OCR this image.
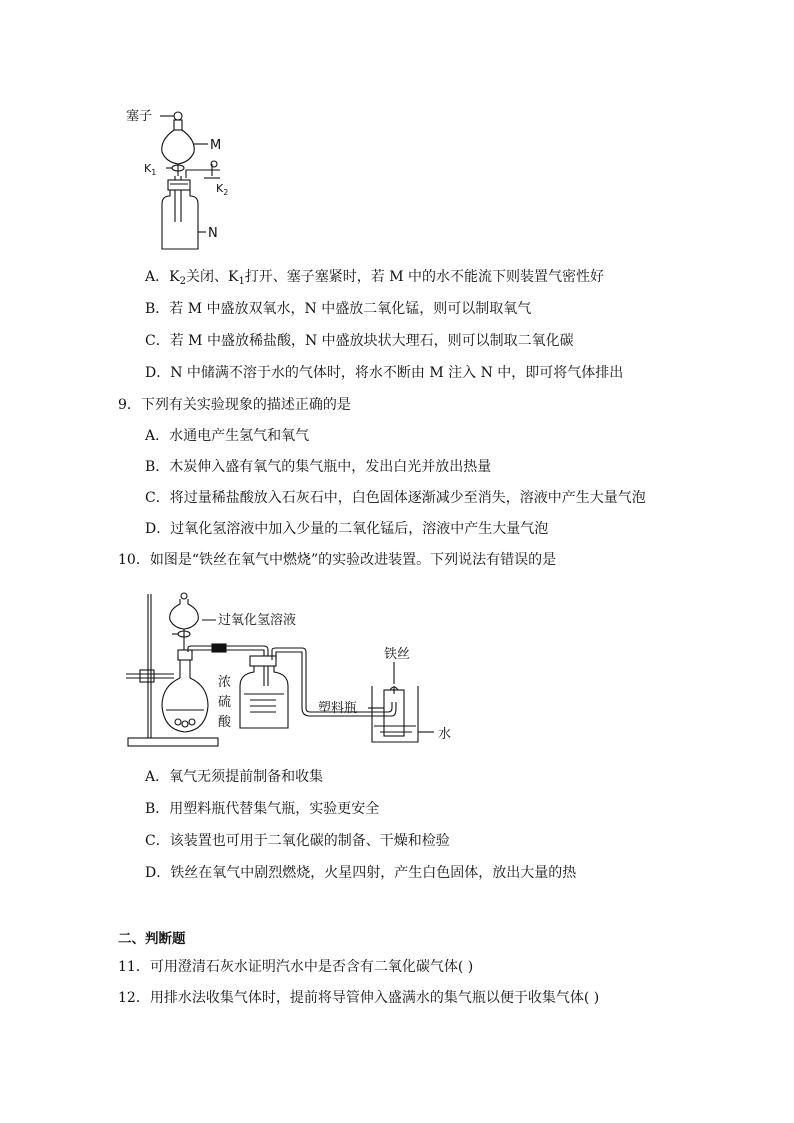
塞子
M
$K_1$
$K_2$
N
A．$K_2$关闭、$K_1$打开、塞子塞紧时，若 M 中的水不能流下则装置气密性好
B．若 M 中盛放双氧水，N 中盛放二氧化锰，则可以制取氧气
C．若 M 中盛放稀盐酸，N 中盛放块状大理石，则可以制取二氧化碳
D．N 中储满不溶于水的气体时，将水不断由 M 注入 N 中，即可将气体排出
9．下列有关实验现象的描述正确的是
A．水通电产生氢气和氧气
B．木炭伸入盛有氧气的集气瓶中，发出白光并放出热量
C．将过量稀盐酸放入石灰石中，白色固体逐渐减少至消失，溶液中产生大量气泡
D．过氧化氢溶液中加入少量的二氧化锰后，溶液中产生大量气泡
10．如图是“铁丝在氧气中燃烧”的实验改进装置。下列说法有错误的是
过氧化氢溶液
铁丝
浓
硫
酸
塑料瓶
水
A．氧气无须提前制备和收集
B．用塑料瓶代替集气瓶，实验更安全
C．该装置也可用于二氧化碳的制备、干燥和检验
D．铁丝在氧气中剧烈燃烧，火星四射，产生白色固体，放出大量的热
二、判断题
11．可用澄清石灰水证明汽水中是否含有二氧化碳气体( )
12．用排水法收集气体时，提前将导管伸入盛满水的集气瓶以便于收集气体( )
